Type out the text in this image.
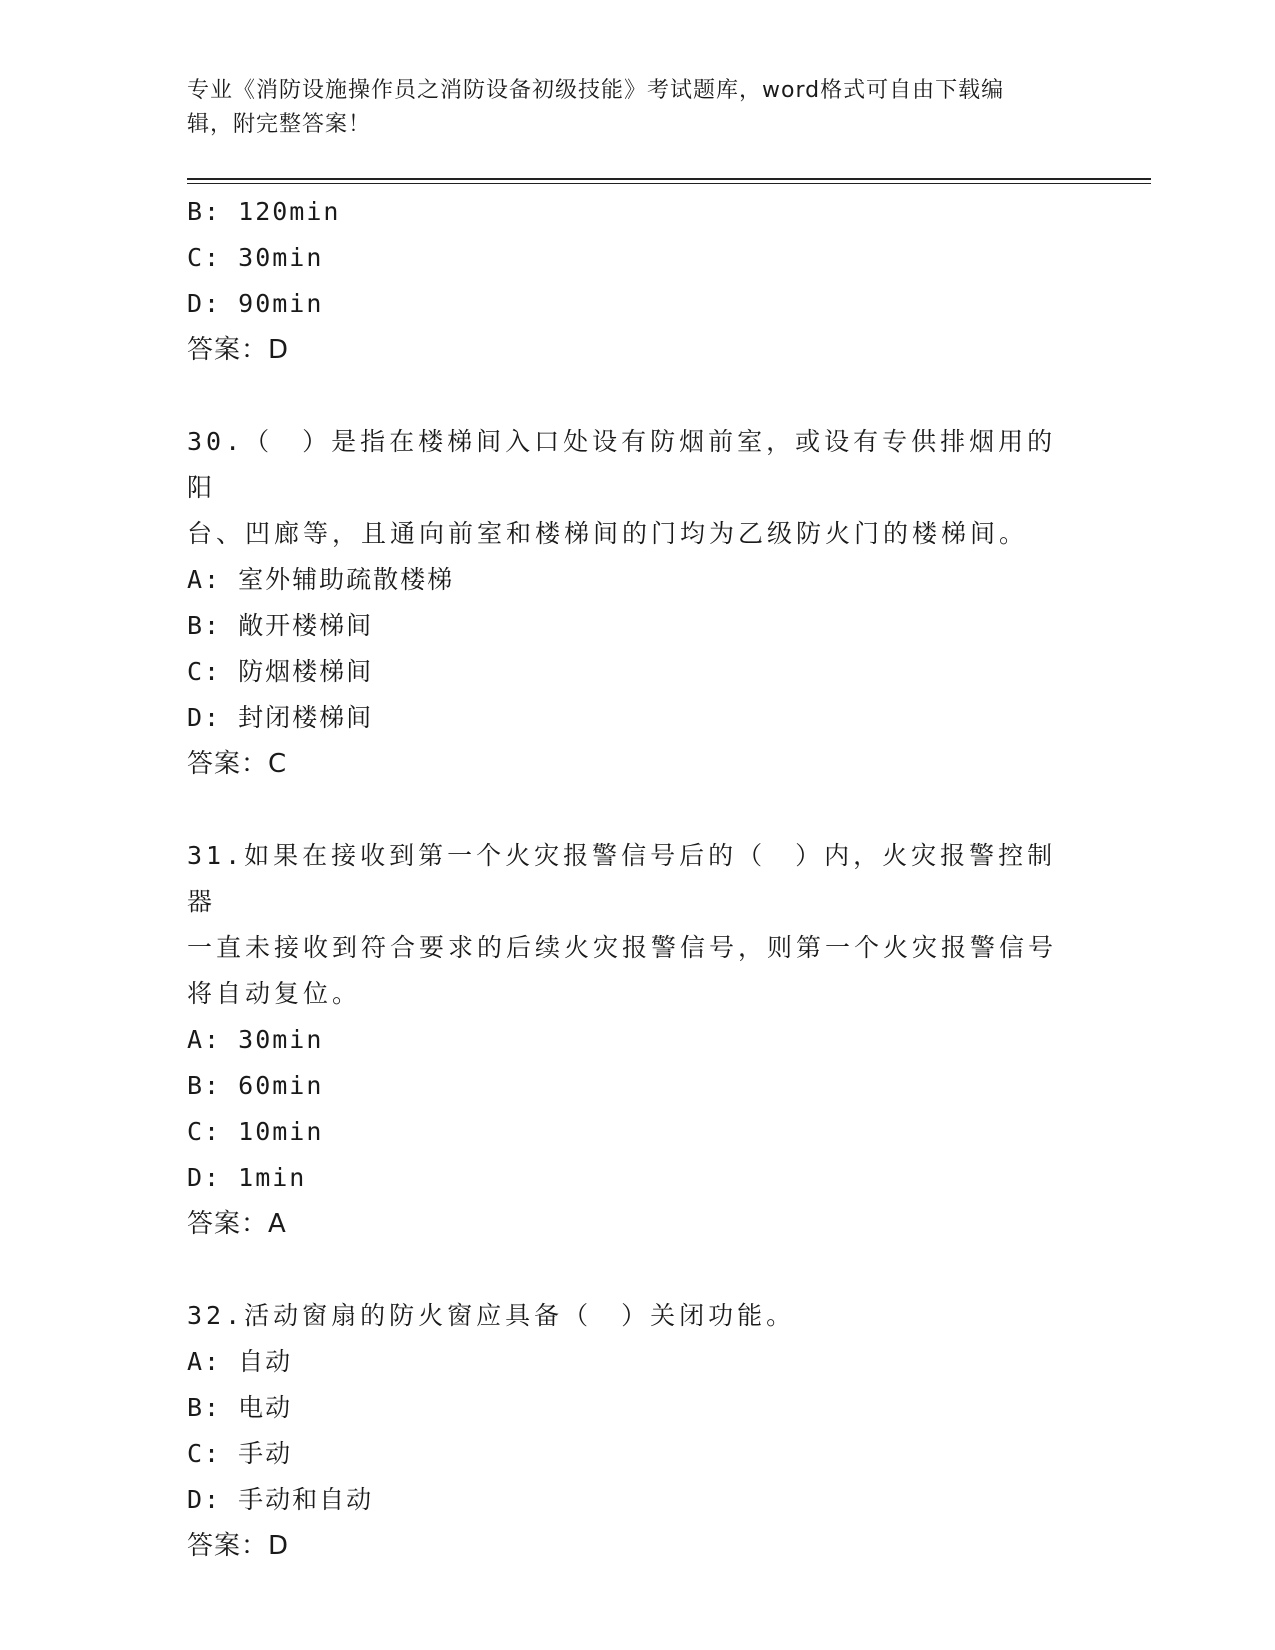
专业《消防设施操作员之消防设备初级技能》考试题库，word格式可自由下载编
辑，附完整答案！
B: 120min
C: 30min
D: 90min
答案：D
30.（　）是指在楼梯间入口处设有防烟前室，或设有专供排烟用的阳
台、凹廊等，且通向前室和楼梯间的门均为乙级防火门的楼梯间。
A: 室外辅助疏散楼梯
B: 敞开楼梯间
C: 防烟楼梯间
D: 封闭楼梯间
答案：C
31.如果在接收到第一个火灾报警信号后的（　）内，火灾报警控制器
一直未接收到符合要求的后续火灾报警信号，则第一个火灾报警信号
将自动复位。
A: 30min
B: 60min
C: 10min
D: 1min
答案：A
32.活动窗扇的防火窗应具备（　）关闭功能。
A: 自动
B: 电动
C: 手动
D: 手动和自动
答案：D
